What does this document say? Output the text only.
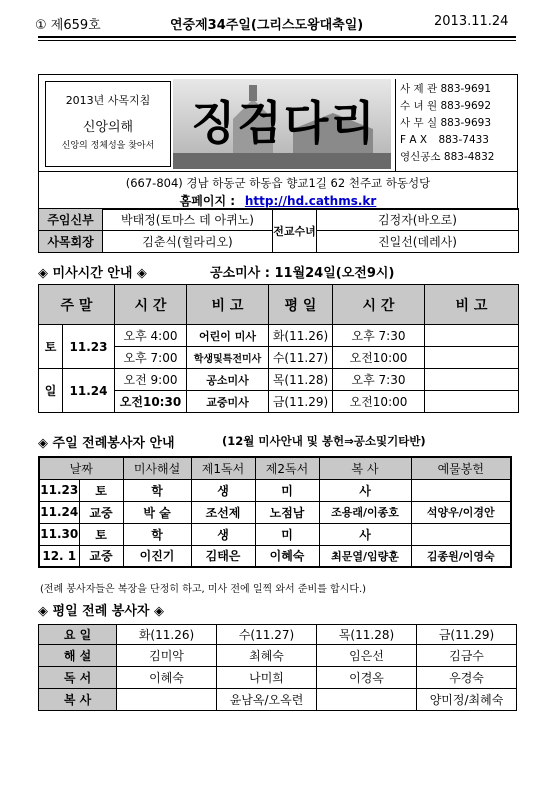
① 제659호	연중제34주일(그리스도왕대축일)	2013.11.24
2013년 사목지침
신앙의해
신앙의 정체성을 찾아서 징검다리
사 제 관 883-9691
수 녀 원 883-9692
사 무 실 883-9693
F A X 883-7433
영신공소 883-4832
(667-804) 경남 하동군 하동읍 향교1길 62 천주교 하동성당
홈페이지 : http://hd.cathms.kr
주임신부	박태정(토마스 데 아퀴노)	전교수녀	김정자(바오로)
사목회장	김춘식(힐라리오)		진일선(데레사)
◈ 미사시간 안내 ◈	공소미사 : 11월24일(오전9시)
주 말		시 간	비 고	평 일	시 간	비 고
토	11.23	오후 4:00	어린이 미사	화(11.26)	오후 7:30	
		오후 7:00	학생및특전미사	수(11.27)	오전10:00	
일	11.24	오전 9:00	공소미사	목(11.28)	오후 7:30	
		오전10:30	교중미사	금(11.29)	오전10:00	
◈ 주일 전례봉사자 안내	(12월 미사안내 및 봉헌⇒공소및기타반)
날짜		미사해설	제1독서	제2독서	복 사	예물봉헌
11.23	토	학	생	미	사	
11.24	교중	박 숱	조선제	노점남	조용래/이종호	석양우/이경안
11.30	토	학	생	미	사	
12. 1	교중	이진기	김태은	이혜숙	최문열/임량훈	김종원/이영숙
(전례 봉사자들은 복장을 단정히 하고, 미사 전에 일찍 와서 준비를 합시다.)
◈ 평일 전례 봉사자 ◈
요 일	화(11.26)	수(11.27)	목(11.28)	금(11.29)
해 설	김미악	최혜숙	임은선	김금수
독 서	이혜숙	나미희	이경옥	우경숙
복 사		윤남옥/오옥련		양미정/최혜숙
